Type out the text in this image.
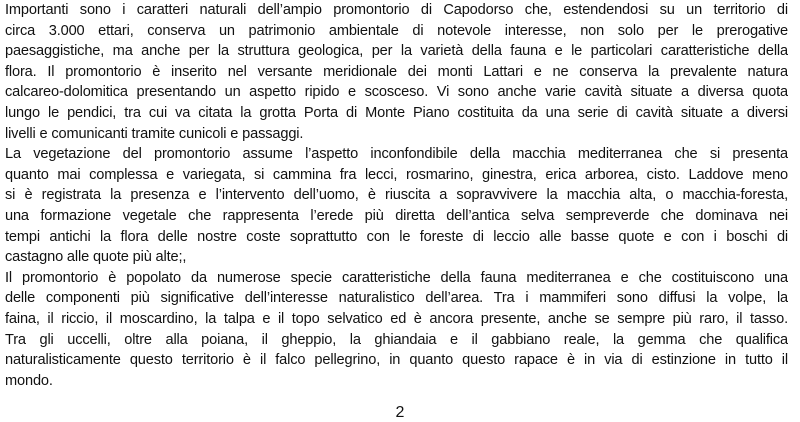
Importanti sono i caratteri naturali dell’ampio promontorio di Capodorso che, estendendosi su un territorio di
circa 3.000 ettari, conserva un patrimonio ambientale di notevole interesse, non solo per le prerogative
paesaggistiche, ma anche per la struttura geologica, per la varietà della fauna e le particolari caratteristiche della
flora. Il promontorio è inserito nel versante meridionale dei monti Lattari e ne conserva la prevalente natura
calcareo-dolomitica presentando un aspetto ripido e scosceso. Vi sono anche varie cavità situate a diversa quota
lungo le pendici, tra cui va citata la grotta Porta di Monte Piano costituita da una serie di cavità situate a diversi
livelli e comunicanti tramite cunicoli e passaggi.
La vegetazione del promontorio assume l’aspetto inconfondibile della macchia mediterranea che si presenta
quanto mai complessa e variegata, si cammina fra lecci, rosmarino, ginestra, erica arborea, cisto. Laddove meno
si è registrata la presenza e l’intervento dell’uomo, è riuscita a sopravvivere la macchia alta, o macchia-foresta,
una formazione vegetale che rappresenta l’erede più diretta dell’antica selva sempreverde che dominava nei
tempi antichi la flora delle nostre coste soprattutto con le foreste di leccio alle basse quote e con i boschi di
castagno alle quote più alte;,
Il promontorio è popolato da numerose specie caratteristiche della fauna mediterranea e che costituiscono una
delle componenti più significative dell’interesse naturalistico dell’area. Tra i mammiferi sono diffusi la volpe, la
faina, il riccio, il moscardino, la talpa e il topo selvatico ed è ancora presente, anche se sempre più raro, il tasso.
Tra gli uccelli, oltre alla poiana, il gheppio, la ghiandaia e il gabbiano reale, la gemma che qualifica
naturalisticamente questo territorio è il falco pellegrino, in quanto questo rapace è in via di estinzione in tutto il
mondo.
2
